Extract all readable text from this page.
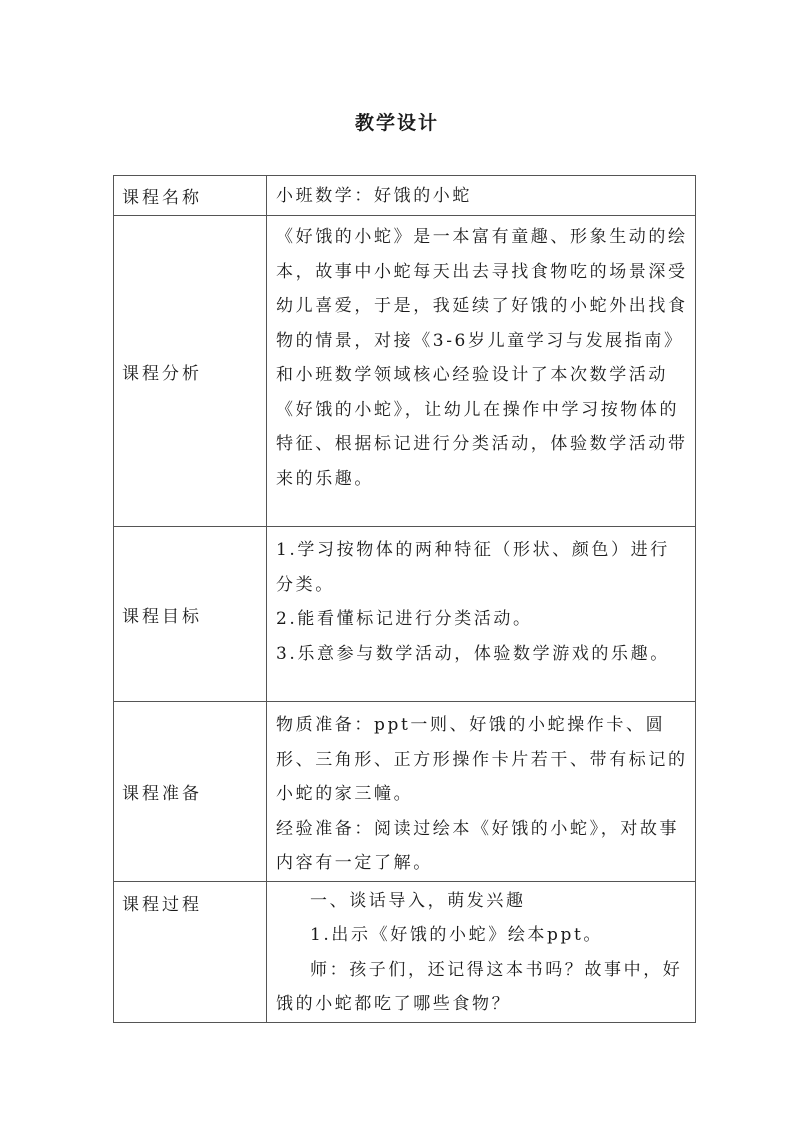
教学设计
课程名称	小班数学：好饿的小蛇

课程分析	《好饿的小蛇》是一本富有童趣、形象生动的绘本，故事中小蛇每天出去寻找食物吃的场景深受幼儿喜爱，于是，我延续了好饿的小蛇外出找食物的情景，对接《3-6岁儿童学习与发展指南》和小班数学领域核心经验设计了本次数学活动《好饿的小蛇》，让幼儿在操作中学习按物体的特征、根据标记进行分类活动，体验数学活动带来的乐趣。

课程目标	1.学习按物体的两种特征（形状、颜色）进行分类。

2.能看懂标记进行分类活动。

3.乐意参与数学活动，体验数学游戏的乐趣。

课程准备	物质准备：ppt一则、好饿的小蛇操作卡、圆形、三角形、正方形操作卡片若干、带有标记的小蛇的家三幢。

经验准备：阅读过绘本《好饿的小蛇》，对故事内容有一定了解。

课程过程	一、谈话导入，萌发兴趣

1.出示《好饿的小蛇》绘本ppt。

师：孩子们，还记得这本书吗？故事中，好饿的小蛇都吃了哪些食物？
